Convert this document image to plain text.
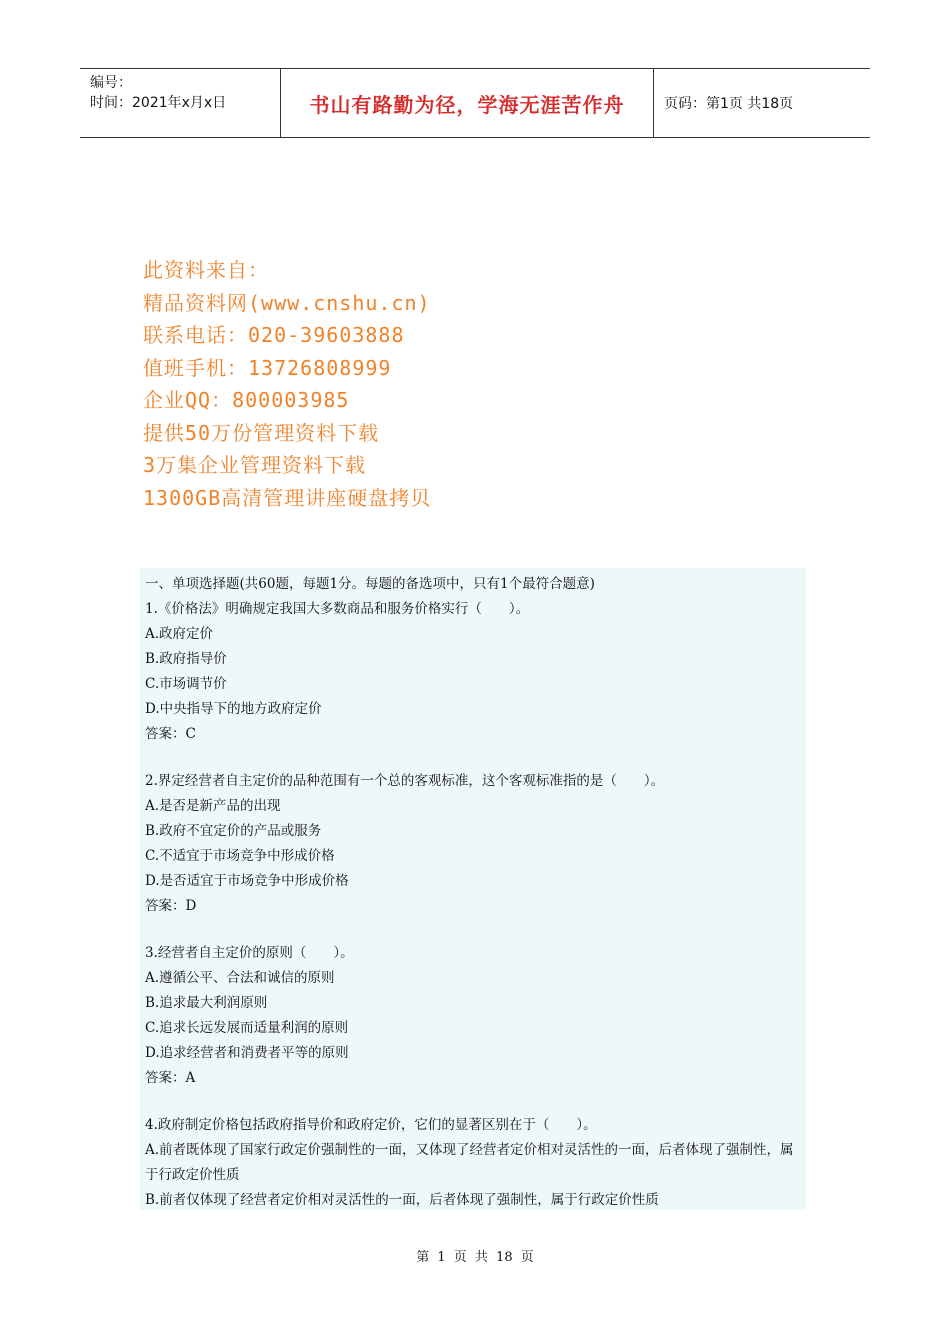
编号：
时间：2021年x月x日	书山有路勤为径，学海无涯苦作舟	页码：第1页 共18页
此资料来自：
精品资料网(www.cnshu.cn)
联系电话：020-39603888
值班手机：13726808999
企业QQ：800003985
提供50万份管理资料下载
3万集企业管理资料下载
1300GB高清管理讲座硬盘拷贝
一、单项选择题(共60题，每题1分。每题的备选项中，只有1个最符合题意)
1.《价格法》明确规定我国大多数商品和服务价格实行（　　）。
A.政府定价
B.政府指导价
C.市场调节价
D.中央指导下的地方政府定价
答案：C
2.界定经营者自主定价的品种范围有一个总的客观标准，这个客观标准指的是（　　）。
A.是否是新产品的出现
B.政府不宜定价的产品或服务
C.不适宜于市场竞争中形成价格
D.是否适宜于市场竞争中形成价格
答案：D
3.经营者自主定价的原则（　　）。
A.遵循公平、合法和诚信的原则
B.追求最大利润原则
C.追求长远发展而适量利润的原则
D.追求经营者和消费者平等的原则
答案：A
4.政府制定价格包括政府指导价和政府定价，它们的显著区别在于（　　）。
A.前者既体现了国家行政定价强制性的一面，又体现了经营者定价相对灵活性的一面，后者体现了强制性，属于行政定价性质
B.前者仅体现了经营者定价相对灵活性的一面，后者体现了强制性，属于行政定价性质
第 1 页 共 18 页
